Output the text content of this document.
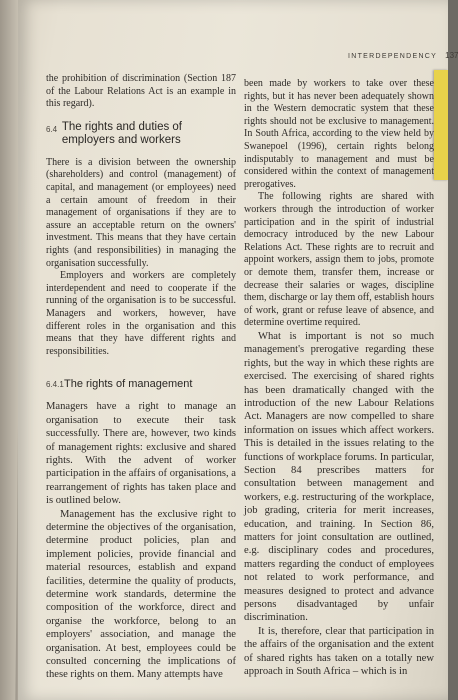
INTERDEPENDENCY 137

the prohibition of discrimination (Section 187 of the Labour Relations Act is an example in this regard).

6.4 The rights and duties of employers and workers

There is a division between the ownership (shareholders) and control (management) of capital, and management (or employees) need a certain amount of freedom in their management of organisations if they are to assure an acceptable return on the owners' investment. This means that they have certain rights (and responsibilities) in managing the organisation successfully.

Employers and workers are completely interdependent and need to cooperate if the running of the organisation is to be successful. Managers and workers, however, have different roles in the organisation and this means that they have different rights and responsibilities.

6.4.1 The rights of management

Managers have a right to manage an organisation to execute their task successfully. There are, however, two kinds of management rights: exclusive and shared rights. With the advent of worker participation in the affairs of organisations, a rearrangement of rights has taken place and is outlined below.

Management has the exclusive right to determine the objectives of the organisation, determine product policies, plan and implement policies, provide financial and material resources, establish and expand facilities, determine the quality of products, determine work standards, determine the composition of the workforce, direct and organise the workforce, belong to an employers' association, and manage the organisation. At best, employees could be consulted concerning the implications of these rights on them. Many attempts have

been made by workers to take over these rights, but it has never been adequately shown in the Western democratic system that these rights should not be exclusive to management. In South Africa, according to the view held by Swanepoel (1996), certain rights belong indisputably to management and must be considered within the context of management prerogatives.

The following rights are shared with workers through the introduction of worker participation and in the spirit of industrial democracy introduced by the new Labour Relations Act. These rights are to recruit and appoint workers, assign them to jobs, promote or demote them, transfer them, increase or decrease their salaries or wages, discipline them, discharge or lay them off, establish hours of work, grant or refuse leave of absence, and determine overtime required.

What is important is not so much management's prerogative regarding these rights, but the way in which these rights are exercised. The exercising of shared rights has been dramatically changed with the introduction of the new Labour Relations Act. Managers are now compelled to share information on issues which affect workers. This is detailed in the issues relating to the functions of workplace forums. In particular, Section 84 prescribes matters for consultation between management and workers, e.g. restructuring of the workplace, job grading, criteria for merit increases, education, and training. In Section 86, matters for joint consultation are outlined, e.g. disciplinary codes and procedures, matters regarding the conduct of employees not related to work performance, and measures designed to protect and advance persons disadvantaged by unfair discrimination.

It is, therefore, clear that participation in the affairs of the organisation and the extent of shared rights has taken on a totally new approach in South Africa – which is in
